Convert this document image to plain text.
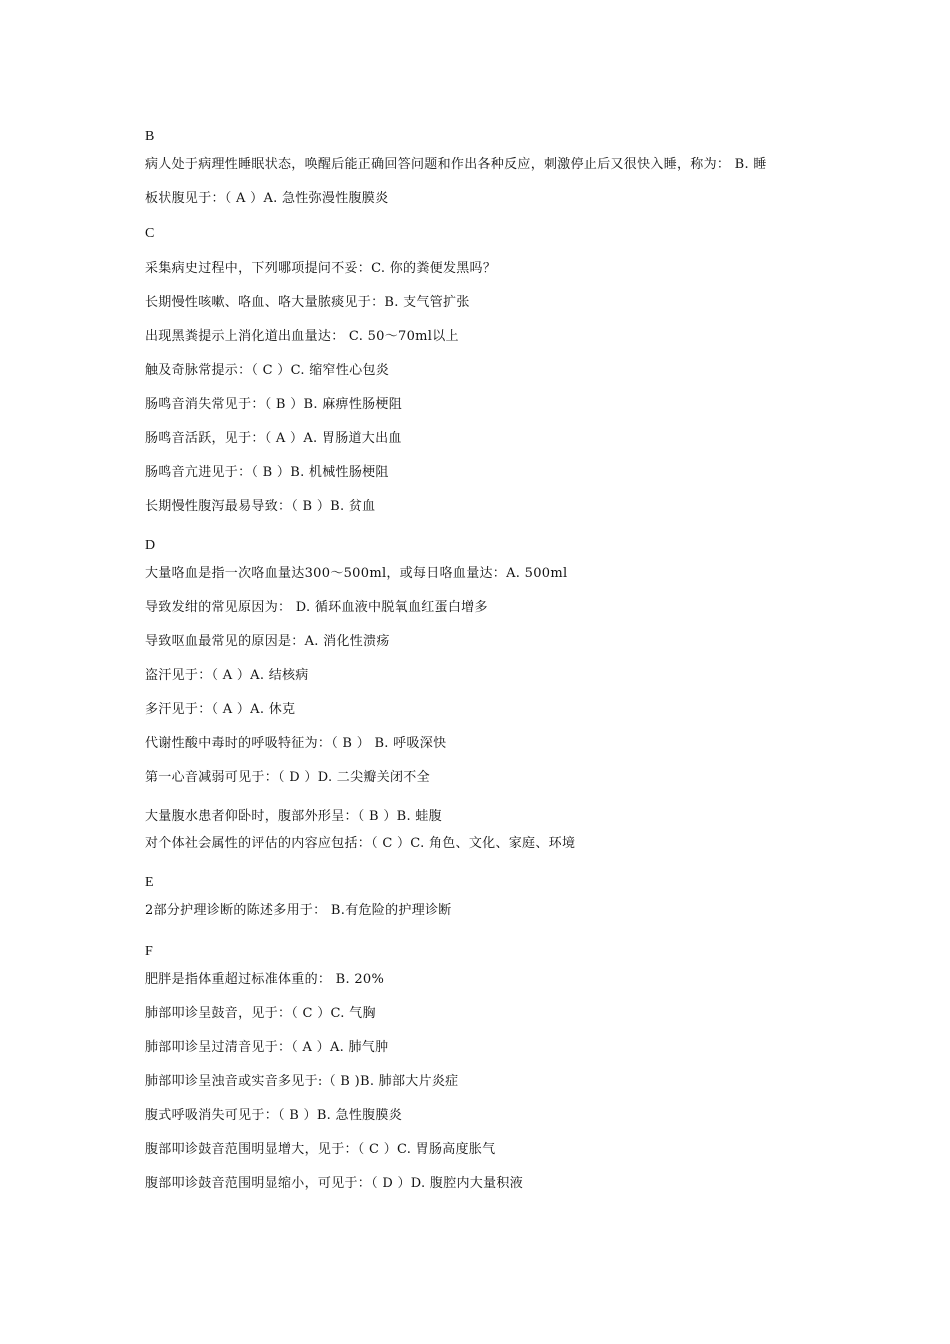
B
病人处于病理性睡眠状态，唤醒后能正确回答问题和作出各种反应，刺激停止后又很快入睡，称为： B. 睡
板状腹见于：（ A ）A. 急性弥漫性腹膜炎
C
采集病史过程中，下列哪项提问不妥：C. 你的粪便发黑吗？
长期慢性咳嗽、咯血、咯大量脓痰见于：B. 支气管扩张
出现黑粪提示上消化道出血量达： C. 50～70ml以上
触及奇脉常提示：（ C ）C. 缩窄性心包炎
肠鸣音消失常见于：（ B ）B. 麻痹性肠梗阻
肠鸣音活跃，见于：（ A ）A. 胃肠道大出血
肠鸣音亢进见于：（ B ）B. 机械性肠梗阻
长期慢性腹泻最易导致：（ B ）B. 贫血
D
大量咯血是指一次咯血量达300～500ml，或每日咯血量达：A. 500ml
导致发绀的常见原因为： D. 循环血液中脱氧血红蛋白增多
导致呕血最常见的原因是：A. 消化性溃疡
盗汗见于：（ A ）A. 结核病
多汗见于：（ A ）A. 休克
代谢性酸中毒时的呼吸特征为：（ B ） B. 呼吸深快
第一心音减弱可见于：（ D ）D. 二尖瓣关闭不全
大量腹水患者仰卧时，腹部外形呈：（ B ）B. 蛙腹
对个体社会属性的评估的内容应包括：（ C ）C. 角色、文化、家庭、环境
E
2部分护理诊断的陈述多用于： B.有危险的护理诊断
F
肥胖是指体重超过标准体重的： B. 20%
肺部叩诊呈鼓音，见于：（ C ）C. 气胸
肺部叩诊呈过清音见于：（ A ）A. 肺气肿
肺部叩诊呈浊音或实音多见于:（ B )B. 肺部大片炎症
腹式呼吸消失可见于：（ B ）B. 急性腹膜炎
腹部叩诊鼓音范围明显增大，见于：（ C ）C. 胃肠高度胀气
腹部叩诊鼓音范围明显缩小，可见于：（ D ）D. 腹腔内大量积液
